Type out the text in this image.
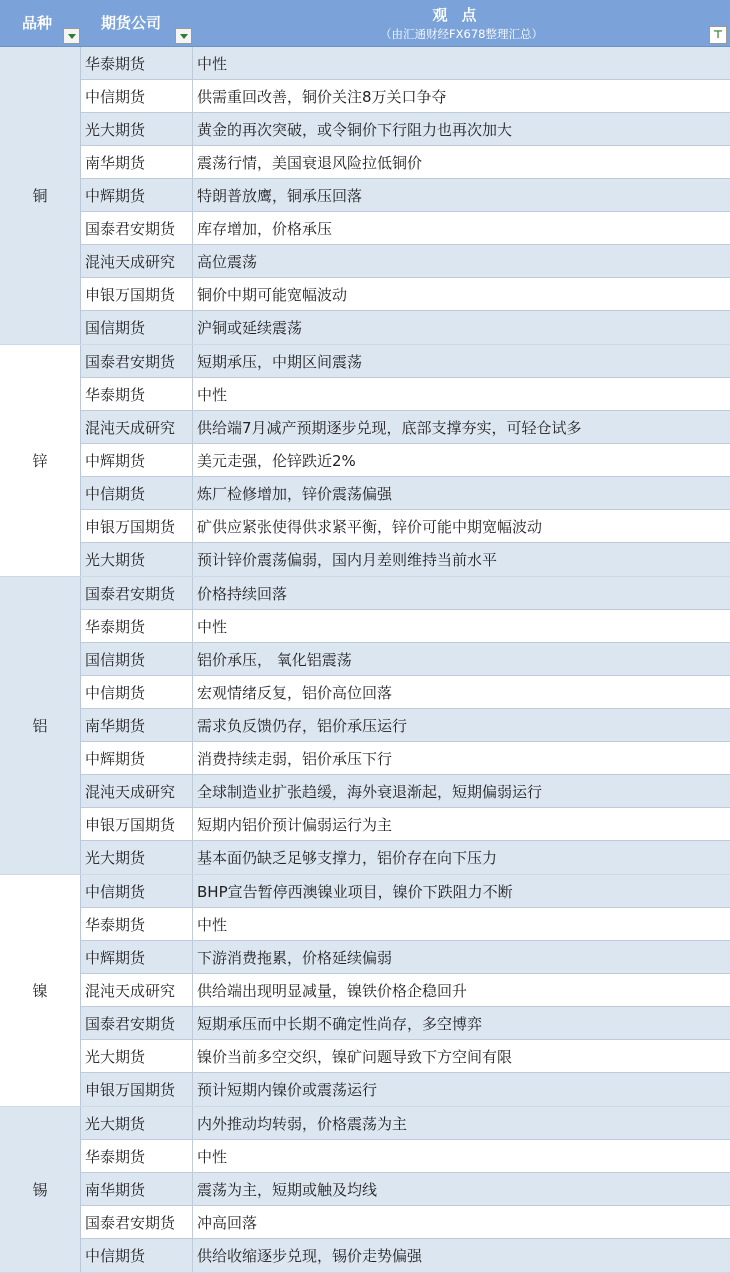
品种	期货公司	观点
（由汇通财经FX678整理汇总）	⊤
铜
华泰期货	中性
中信期货	供需重回改善，铜价关注8万关口争夺
光大期货	黄金的再次突破，或令铜价下行阻力也再次加大
南华期货	震荡行情，美国衰退风险拉低铜价
中辉期货	特朗普放鹰，铜承压回落
国泰君安期货	库存增加，价格承压
混沌天成研究	高位震荡
申银万国期货	铜价中期可能宽幅波动
国信期货	沪铜或延续震荡
锌
国泰君安期货	短期承压，中期区间震荡
华泰期货	中性
混沌天成研究	供给端7月减产预期逐步兑现，底部支撑夯实，可轻仓试多
中辉期货	美元走强，伦锌跌近2%
中信期货	炼厂检修增加，锌价震荡偏强
申银万国期货	矿供应紧张使得供求紧平衡，锌价可能中期宽幅波动
光大期货	预计锌价震荡偏弱，国内月差则维持当前水平
铝
国泰君安期货	价格持续回落
华泰期货	中性
国信期货	铝价承压， 氧化铝震荡
中信期货	宏观情绪反复，铝价高位回落
南华期货	需求负反馈仍存，铝价承压运行
中辉期货	消费持续走弱，铝价承压下行
混沌天成研究	全球制造业扩张趋缓，海外衰退渐起，短期偏弱运行
申银万国期货	短期内铝价预计偏弱运行为主
光大期货	基本面仍缺乏足够支撑力，铝价存在向下压力
镍
中信期货	BHP宣告暂停西澳镍业项目，镍价下跌阻力不断
华泰期货	中性
中辉期货	下游消费拖累，价格延续偏弱
混沌天成研究	供给端出现明显减量，镍铁价格企稳回升
国泰君安期货	短期承压而中长期不确定性尚存，多空博弈
光大期货	镍价当前多空交织，镍矿问题导致下方空间有限
申银万国期货	预计短期内镍价或震荡运行
锡
光大期货	内外推动均转弱，价格震荡为主
华泰期货	中性
南华期货	震荡为主，短期或触及均线
国泰君安期货	冲高回落
中信期货	供给收缩逐步兑现，锡价走势偏强
